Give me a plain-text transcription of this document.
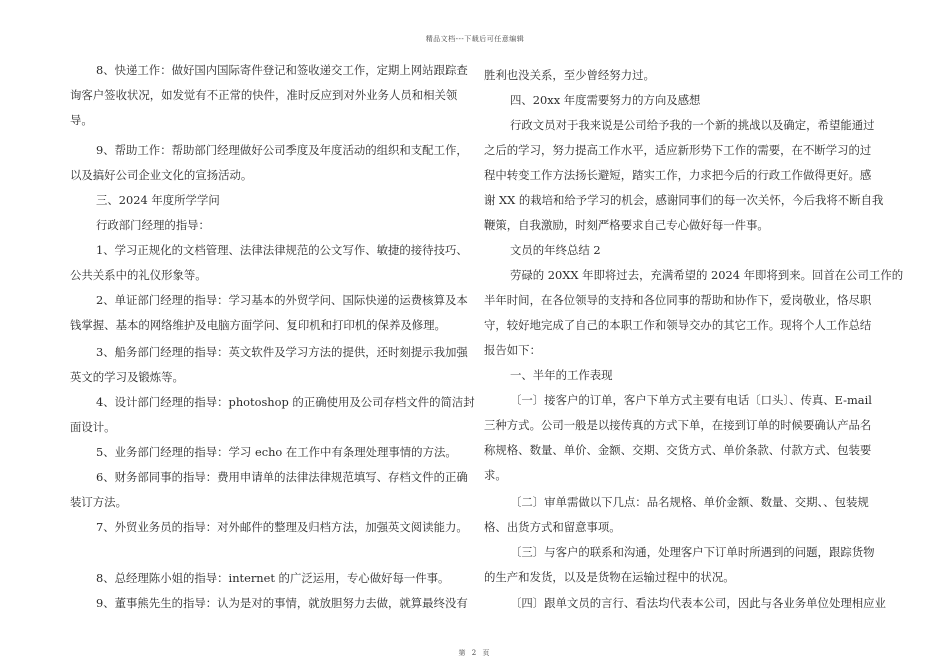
精品文档---下载后可任意编辑
8、快递工作：做好国内国际寄件登记和签收递交工作，定期上网站跟踪查
询客户签收状况，如发觉有不正常的快件，准时反应到对外业务人员和相关领
导。
9、帮助工作：帮助部门经理做好公司季度及年度活动的组织和支配工作，
以及搞好公司企业文化的宣扬活动。
三、2024 年度所学学问
行政部门经理的指导：
1、学习正规化的文档管理、法律法律规范的公文写作、敏捷的接待技巧、
公共关系中的礼仪形象等。
2、单证部门经理的指导：学习基本的外贸学问、国际快递的运费核算及本
钱掌握、基本的网络维护及电脑方面学问、复印机和打印机的保养及修理。
3、船务部门经理的指导：英文软件及学习方法的提供，还时刻提示我加强
英文的学习及锻炼等。
4、设计部门经理的指导：photoshop 的正确使用及公司存档文件的简洁封
面设计。
5、业务部门经理的指导：学习 echo 在工作中有条理处理事情的方法。
6、财务部同事的指导：费用申请单的法律法律规范填写、存档文件的正确
装订方法。
7、外贸业务员的指导：对外邮件的整理及归档方法，加强英文阅读能力。
8、总经理陈小姐的指导：internet 的广泛运用，专心做好每一件事。
9、董事熊先生的指导：认为是对的事情，就放胆努力去做，就算最终没有
胜利也没关系，至少曾经努力过。
四、20xx 年度需要努力的方向及感想
行政文员对于我来说是公司给予我的一个新的挑战以及确定，希望能通过
之后的学习，努力提高工作水平，适应新形势下工作的需要，在不断学习的过
程中转变工作方法扬长避短，踏实工作，力求把今后的行政工作做得更好。感
谢 XX 的栽培和给予学习的机会，感谢同事们的每一次关怀，今后我将不断自我
鞭策，自我激励，时刻严格要求自己专心做好每一件事。
文员的年终总结 2
劳碌的 20XX 年即将过去，充满希望的 2024 年即将到来。回首在公司工作的
半年时间，在各位领导的支持和各位同事的帮助和协作下，爱岗敬业，恪尽职
守，较好地完成了自己的本职工作和领导交办的其它工作。现将个人工作总结
报告如下：
一、半年的工作表现
〔一〕接客户的订单，客户下单方式主要有电话〔口头〕、传真、E-mail
三种方式。公司一般是以接传真的方式下单，在接到订单的时候要确认产品名
称规格、数量、单价、金额、交期、交货方式、单价条款、付款方式、包装要
求。
〔二〕审单需做以下几点：品名规格、单价金额、数量、交期、、包装规
格、出货方式和留意事项。
〔三〕与客户的联系和沟通，处理客户下订单时所遇到的问题，跟踪货物
的生产和发货，以及是货物在运输过程中的状况。
〔四〕跟单文员的言行、看法均代表本公司，因此与各业务单位处理相应业
第 2 页
